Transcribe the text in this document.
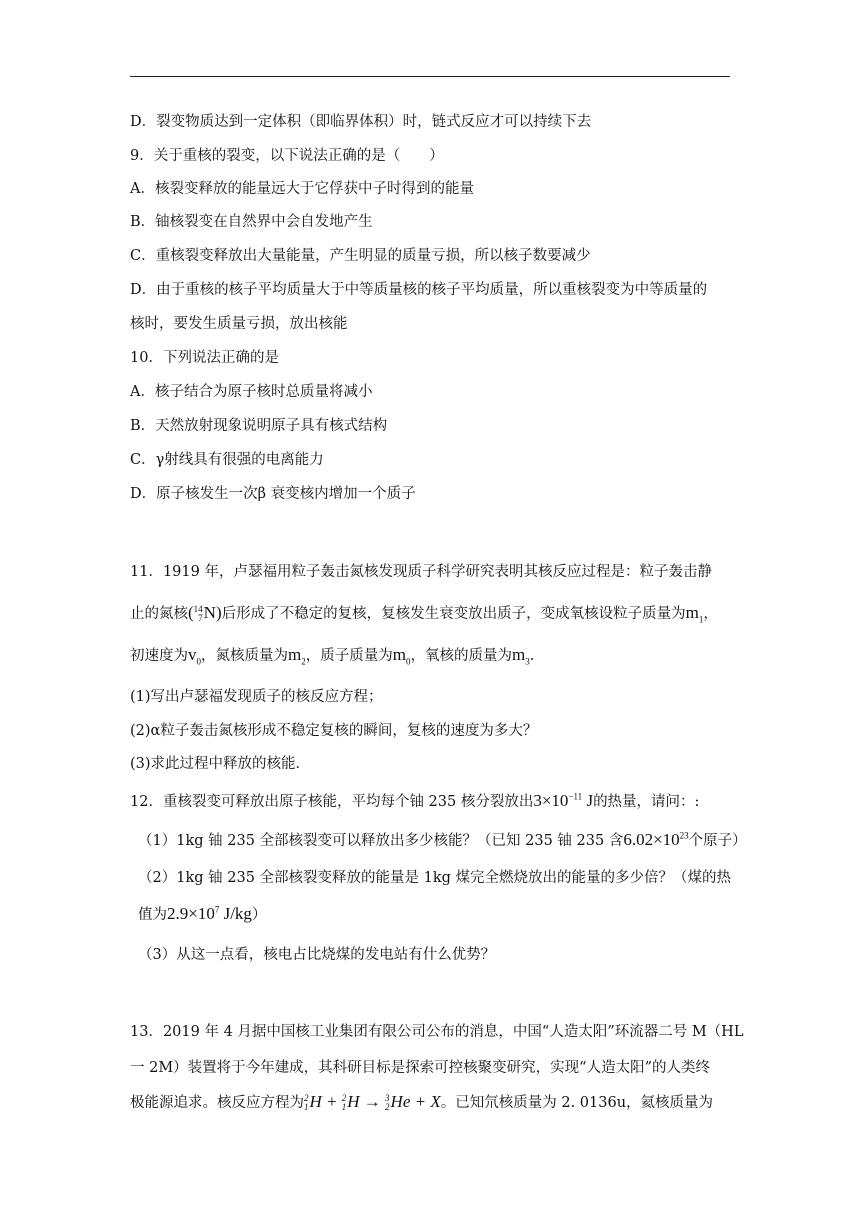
D．裂变物质达到一定体积（即临界体积）时，链式反应才可以持续下去
9．关于重核的裂变，以下说法正确的是（　　）
A．核裂变释放的能量远大于它俘获中子时得到的能量
B．铀核裂变在自然界中会自发地产生
C．重核裂变释放出大量能量，产生明显的质量亏损，所以核子数要减少
D．由于重核的核子平均质量大于中等质量核的核子平均质量，所以重核裂变为中等质量的
核时，要发生质量亏损，放出核能
10．下列说法正确的是
A．核子结合为原子核时总质量将减小
B．天然放射现象说明原子具有核式结构
C．γ射线具有很强的电离能力
D．原子核发生一次β 衰变核内增加一个质子
11．1919 年，卢瑟福用粒子轰击氮核发现质子科学研究表明其核反应过程是：粒子轰击静
止的氮核(14
7N)后形成了不稳定的复核，复核发生衰变放出质子，变成氧核设粒子质量为$m_1$，
初速度为$v_0$，氮核质量为$m_2$，质子质量为$m_0$，氧核的质量为$m_3$.
(1)写出卢瑟福发现质子的核反应方程；
(2)α粒子轰击氮核形成不稳定复核的瞬间，复核的速度为多大？
(3)求此过程中释放的核能．
12．重核裂变可释放出原子核能，平均每个铀 235 核分裂放出$3\times 10^{-11}$ J的热量，请问：:
（1）1kg 铀 235 全部核裂变可以释放出多少核能？（已知 235 铀 235 含$6.02\times 10^{23}$个原子）
（2）1kg 铀 235 全部核裂变释放的能量是 1kg 煤完全燃烧放出的能量的多少倍？（煤的热
值为$2.9\times 10^7$ J/kg）
（3）从这一点看，核电占比烧煤的发电站有什么优势？
13．2019 年 4 月据中国核工业集团有限公司公布的消息，中国“人造太阳”环流器二号 M（HL
一 2M）装置将于今年建成，其科研目标是探索可控核聚变研究，实现“人造太阳”的人类终
极能源追求。核反应方程为2
1H + 2
1H → 3
2He + X。已知氘核质量为 2. 0136u，氦核质量为
